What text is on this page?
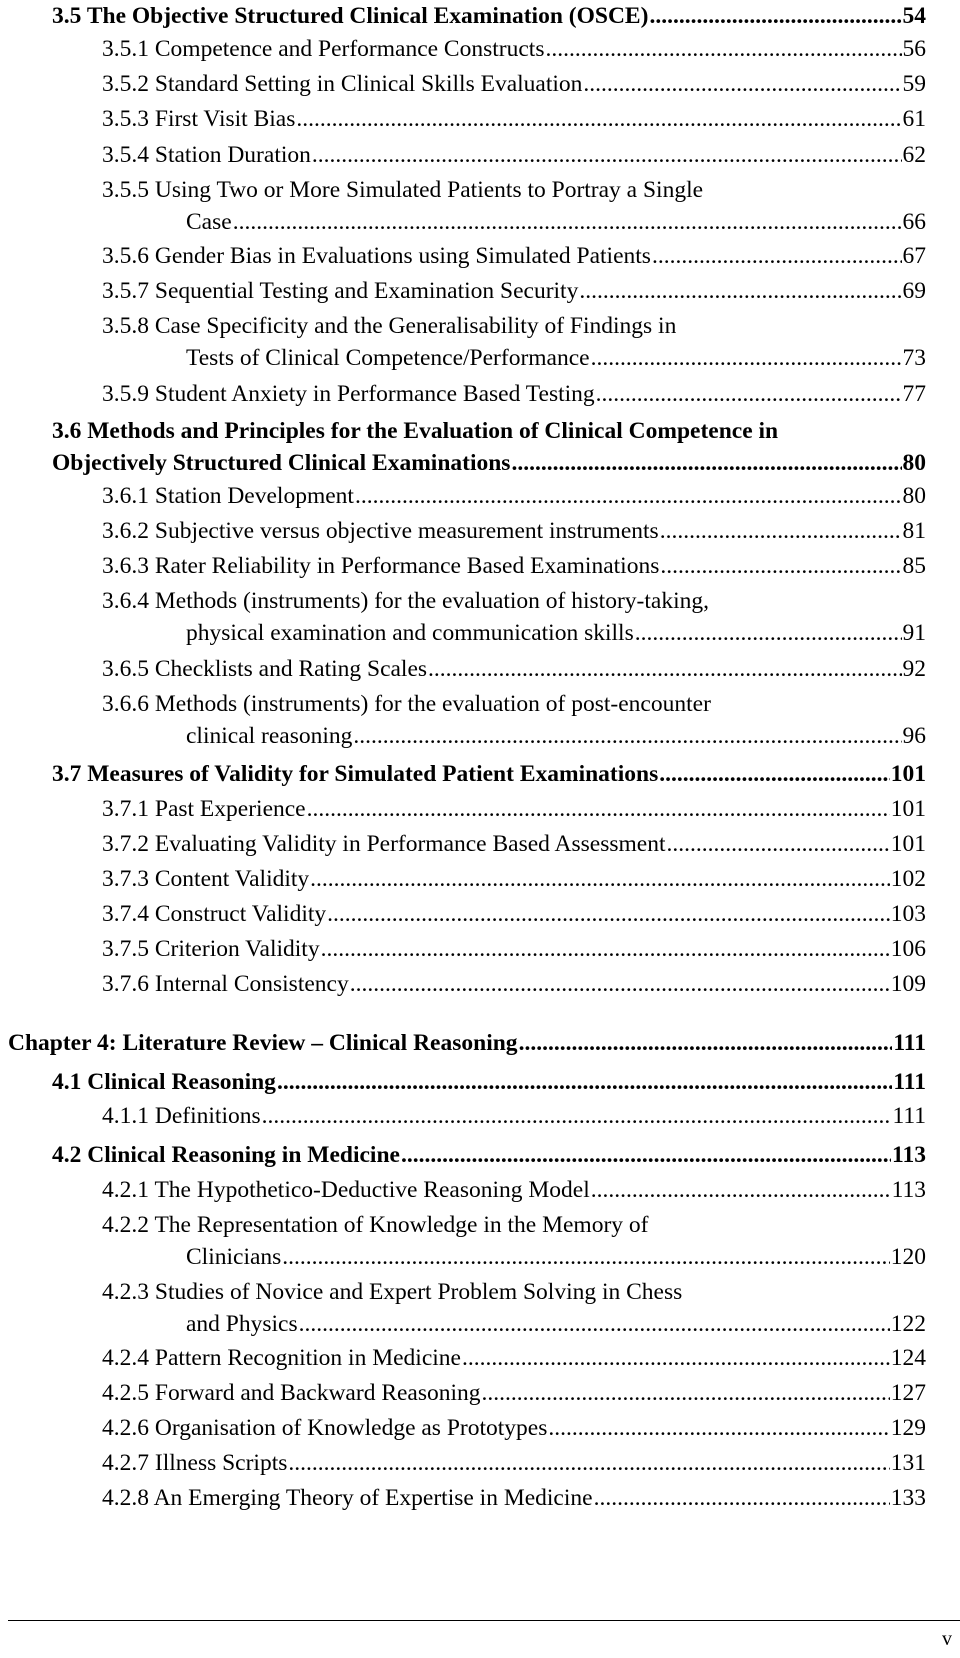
3.5 The Objective Structured Clinical Examination (OSCE) .....	54
3.5.1 Competence and Performance Constructs .....	56
3.5.2 Standard Setting in Clinical Skills Evaluation .....	59
3.5.3 First Visit Bias .....	61
3.5.4 Station Duration .....	62
3.5.5 Using Two or More Simulated Patients to Portray a Single
Case .....	66
3.5.6 Gender Bias in Evaluations using Simulated Patients .....	67
3.5.7 Sequential Testing and Examination Security .....	69
3.5.8 Case Specificity and the Generalisability of Findings in
Tests of Clinical Competence/Performance .....	73
3.5.9 Student Anxiety in Performance Based Testing .....	77
3.6 Methods and Principles for the Evaluation of Clinical Competence in
Objectively Structured Clinical Examinations .....	80
3.6.1 Station Development .....	80
3.6.2 Subjective versus objective measurement instruments .....	81
3.6.3 Rater Reliability in Performance Based Examinations .....	85
3.6.4 Methods (instruments) for the evaluation of history-taking,
physical examination and communication skills .....	91
3.6.5 Checklists and Rating Scales .....	92
3.6.6 Methods (instruments) for the evaluation of post-encounter
clinical reasoning .....	96
3.7 Measures of Validity for Simulated Patient Examinations .....	101
3.7.1 Past Experience .....	101
3.7.2 Evaluating Validity in Performance Based Assessment .....	101
3.7.3 Content Validity .....	102
3.7.4 Construct Validity .....	103
3.7.5 Criterion Validity .....	106
3.7.6 Internal Consistency .....	109
Chapter 4: Literature Review – Clinical Reasoning .....	111
4.1 Clinical Reasoning .....	111
4.1.1 Definitions .....	111
4.2 Clinical Reasoning in Medicine .....	113
4.2.1 The Hypothetico-Deductive Reasoning Model .....	113
4.2.2 The Representation of Knowledge in the Memory of
Clinicians .....	120
4.2.3 Studies of Novice and Expert Problem Solving in Chess
and Physics .....	122
4.2.4 Pattern Recognition in Medicine .....	124
4.2.5 Forward and Backward Reasoning .....	127
4.2.6 Organisation of Knowledge as Prototypes .....	129
4.2.7 Illness Scripts .....	131
4.2.8 An Emerging Theory of Expertise in Medicine .....	133
v
